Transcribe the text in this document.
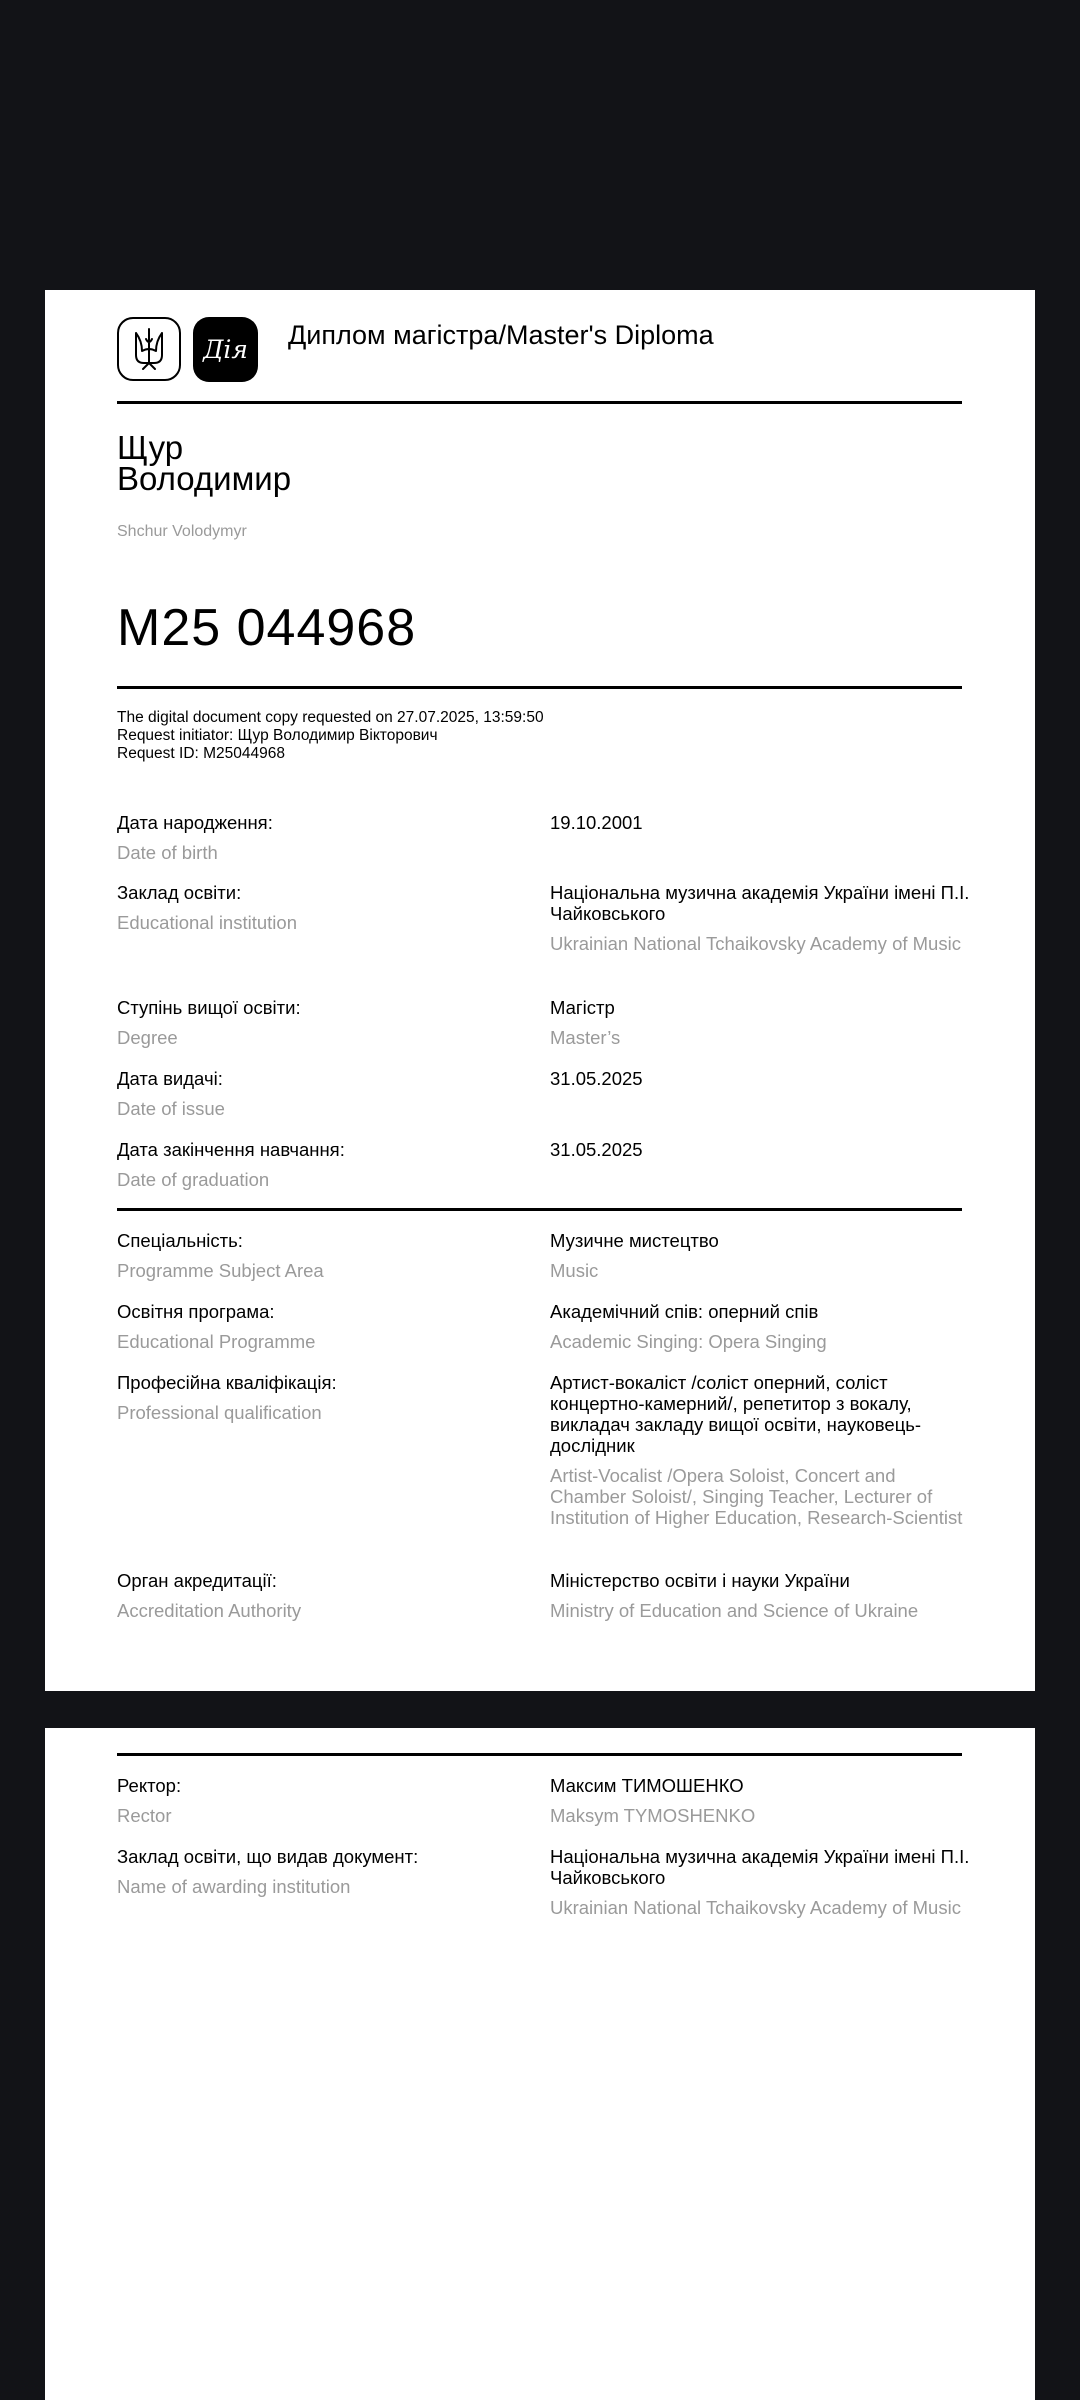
Дія	Диплом магістра/Master's Diploma
Щур
Володимир
Shchur Volodymyr
M25 044968
The digital document copy requested on 27.07.2025, 13:59:50
Request initiator: Щур Володимир Вікторович
Request ID: M25044968
Дата народження:
Date of birth
19.10.2001
Заклад освіти:
Educational institution
Національна музична академія України імені П.І. Чайковського
Ukrainian National Tchaikovsky Academy of Music
Ступінь вищої освіти:
Degree
Магістр
Master’s
Дата видачі:
Date of issue
31.05.2025
Дата закінчення навчання:
Date of graduation
31.05.2025
Спеціальність:
Programme Subject Area
Музичне мистецтво
Music
Освітня програма:
Educational Programme
Академічний спів: оперний спів
Academic Singing: Opera Singing
Професійна кваліфікація:
Professional qualification
Артист-вокаліст /соліст оперний, соліст концертно-камерний/, репетитор з вокалу, викладач закладу вищої освіти, науковець-дослідник
Artist-Vocalist /Opera Soloist, Concert and Chamber Soloist/, Singing Teacher, Lecturer of Institution of Higher Education, Research-Scientist
Орган акредитації:
Accreditation Authority
Міністерство освіти і науки України
Ministry of Education and Science of Ukraine
Ректор:
Rector
Максим ТИМОШЕНКО
Maksym TYMOSHENKO
Заклад освіти, що видав документ:
Name of awarding institution
Національна музична академія України імені П.І. Чайковського
Ukrainian National Tchaikovsky Academy of Music
